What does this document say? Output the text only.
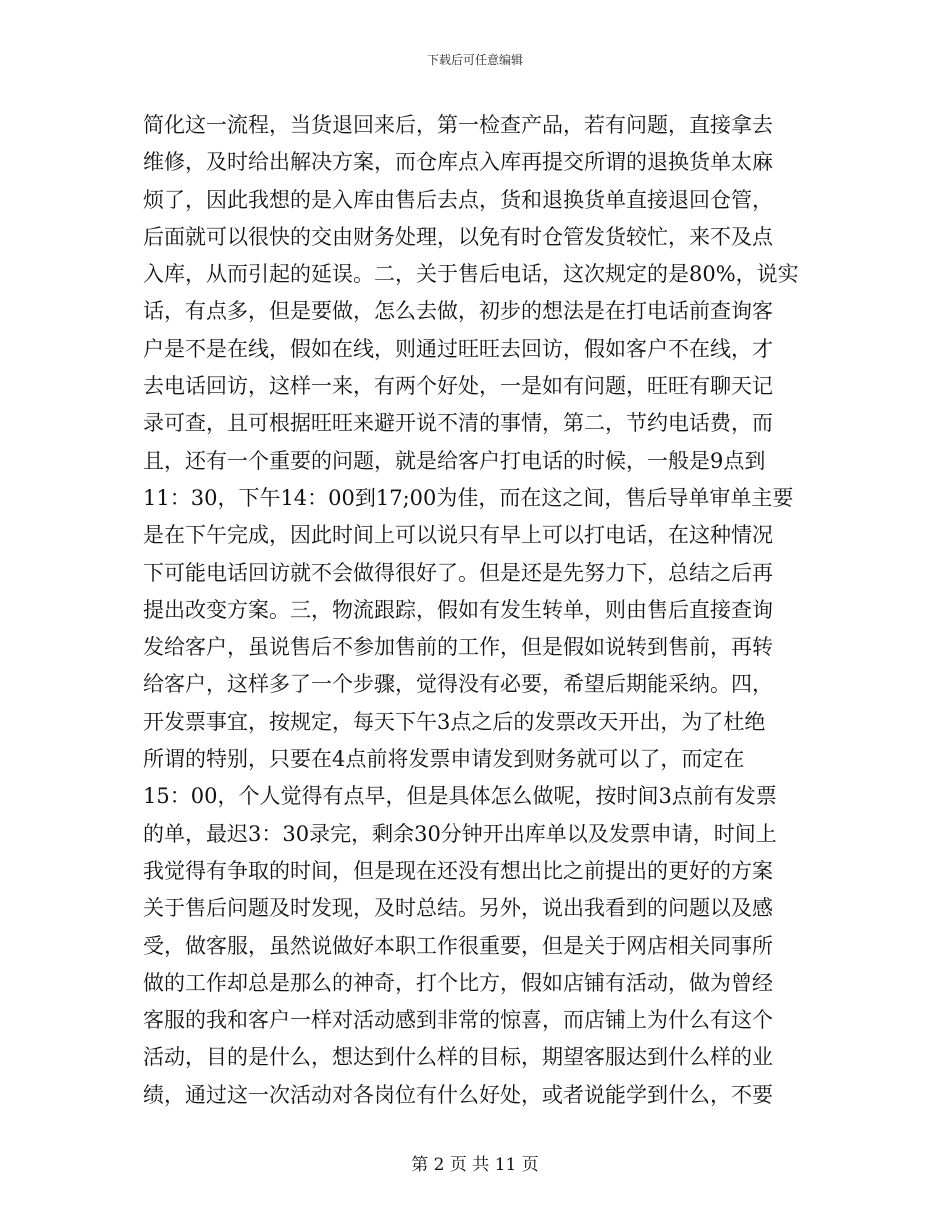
下载后可任意编辑
简化这一流程，当货退回来后，第一检查产品，若有问题，直接拿去
维修，及时给出解决方案，而仓库点入库再提交所谓的退换货单太麻
烦了，因此我想的是入库由售后去点，货和退换货单直接退回仓管，
后面就可以很快的交由财务处理，以免有时仓管发货较忙，来不及点
入库，从而引起的延误。二，关于售后电话，这次规定的是80%，说实
话，有点多，但是要做，怎么去做，初步的想法是在打电话前查询客
户是不是在线，假如在线，则通过旺旺去回访，假如客户不在线，才
去电话回访，这样一来，有两个好处，一是如有问题，旺旺有聊天记
录可查，且可根据旺旺来避开说不清的事情，第二，节约电话费，而
且，还有一个重要的问题，就是给客户打电话的时候，一般是9点到
11：30，下午14：00到17;00为佳，而在这之间，售后导单审单主要
是在下午完成，因此时间上可以说只有早上可以打电话，在这种情况
下可能电话回访就不会做得很好了。但是还是先努力下，总结之后再
提出改变方案。三，物流跟踪，假如有发生转单，则由售后直接查询
发给客户，虽说售后不参加售前的工作，但是假如说转到售前，再转
给客户，这样多了一个步骤，觉得没有必要，希望后期能采纳。四，
开发票事宜，按规定，每天下午3点之后的发票改天开出，为了杜绝
所谓的特别，只要在4点前将发票申请发到财务就可以了，而定在
15：00，个人觉得有点早，但是具体怎么做呢，按时间3点前有发票
的单，最迟3：30录完，剩余30分钟开出库单以及发票申请，时间上
我觉得有争取的时间，但是现在还没有想出比之前提出的更好的方案
关于售后问题及时发现，及时总结。另外，说出我看到的问题以及感
受，做客服，虽然说做好本职工作很重要，但是关于网店相关同事所
做的工作却总是那么的神奇，打个比方，假如店铺有活动，做为曾经
客服的我和客户一样对活动感到非常的惊喜，而店铺上为什么有这个
活动，目的是什么，想达到什么样的目标，期望客服达到什么样的业
绩，通过这一次活动对各岗位有什么好处，或者说能学到什么，不要
第 2 页 共 11 页
